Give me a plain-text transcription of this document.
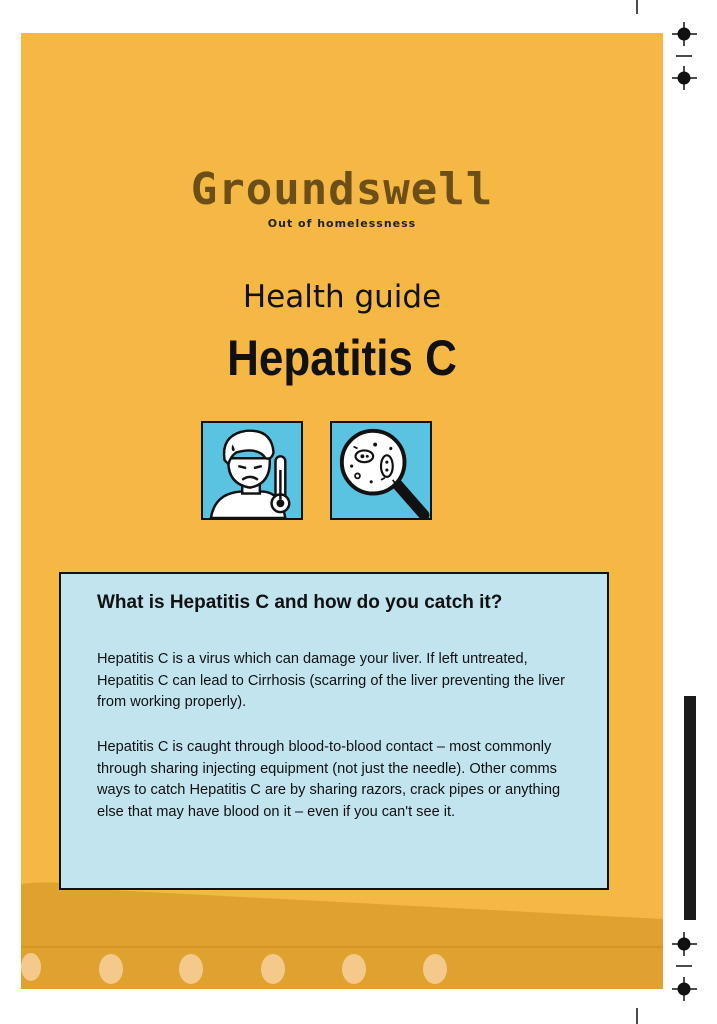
Groundswell
Out of homelessness
Health guide
Hepatitis C
What is Hepatitis C and how do you catch it?

Hepatitis C is a virus which can damage your liver. If left untreated, Hepatitis C can lead to Cirrhosis (scarring of the liver preventing the liver from working properly).

Hepatitis C is caught through blood-to-blood contact – most commonly through sharing injecting equipment (not just the needle). Other comms ways to catch Hepatitis C are by sharing razors, crack pipes or anything else that may have blood on it – even if you can't see it.
